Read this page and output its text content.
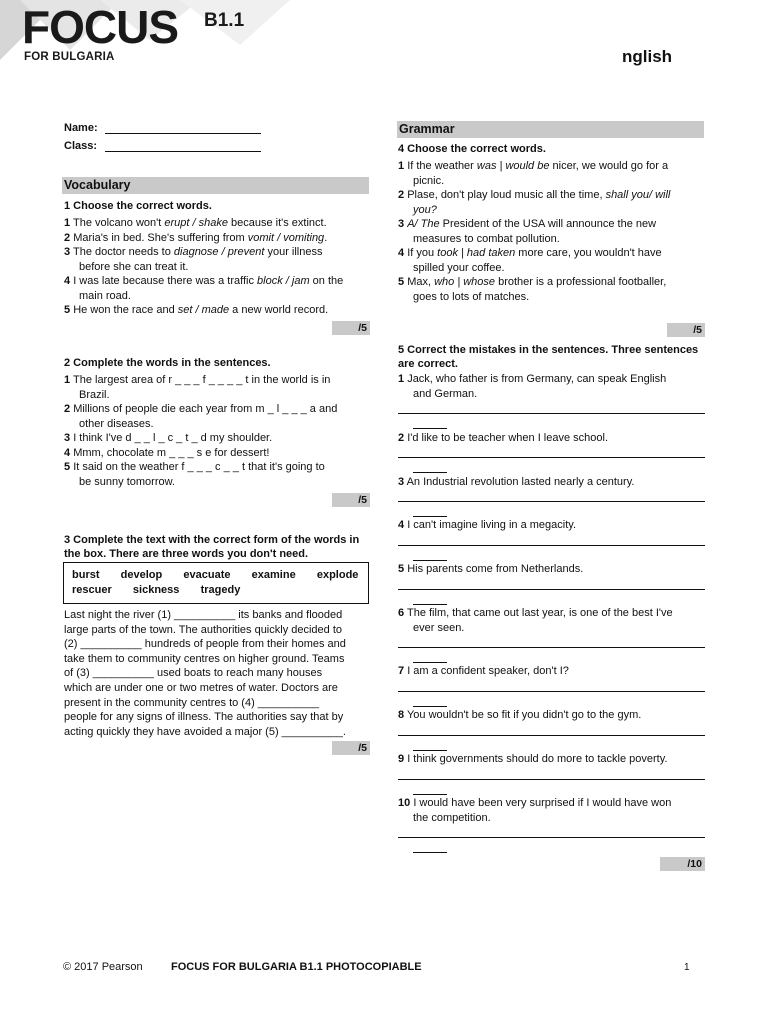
FOCUS B1.1
FOR BULGARIA	nglish
Name:
Class:
Vocabulary
1 Choose the correct words.
1 The volcano won't erupt / shake because it's extinct.
2 Maria's in bed. She's suffering from vomit / vomiting.
3 The doctor needs to diagnose / prevent your illness
before she can treat it.
4 I was late because there was a traffic block / jam on the
main road.
5 He won the race and set / made a new world record.
/5
2 Complete the words in the sentences.
1 The largest area of r _ _ _ f _ _ _ _ t in the world is in
Brazil.
2 Millions of people die each year from m _ l _ _ _ a and
other diseases.
3 I think I've d _ _ l _ c _ t _ d my shoulder.
4 Mmm, chocolate m _ _ _ s e for dessert!
5 It said on the weather f _ _ _ c _ _ t that it's going to
be sunny tomorrow.
/5
3 Complete the text with the correct form of the words in the box. There are three words you don't need.
burst   develop   evacuate   examine   explode
rescuer   sickness   tragedy
Last night the river (1) __________ its banks and flooded
large parts of the town. The authorities quickly decided to
(2) __________ hundreds of people from their homes and
take them to community centres on higher ground. Teams
of (3) __________ used boats to reach many houses
which are under one or two metres of water. Doctors are
present in the community centres to (4) __________
people for any signs of illness. The authorities say that by
acting quickly they have avoided a major (5) __________.
/5
Grammar
4 Choose the correct words.
1 If the weather was | would be nicer, we would go for a
picnic.
2 Plase, don't play loud music all the time, shall you/ will
you?
3 A/ The President of the USA will announce the new
measures to combat pollution.
4 If you took | had taken more care, you wouldn't have
spilled your coffee.
5 Max, who | whose brother is a professional footballer,
goes to lots of matches.
/5
5 Correct the mistakes in the sentences. Three sentences are correct.
1 Jack, who father is from Germany, can speak English
and German.
2 I'd like to be teacher when I leave school.
3 An Industrial revolution lasted nearly a century.
4 I can't imagine living in a megacity.
5 His parents come from Netherlands.
6 The film, that came out last year, is one of the best I've
ever seen.
7 I am a confident speaker, don't I?
8 You wouldn't be so fit if you didn't go to the gym.
9 I think governments should do more to tackle poverty.
10 I would have been very surprised if I would have won
the competition.
/10
© 2017 Pearson	FOCUS FOR BULGARIA B1.1 PHOTOCOPIABLE	1
